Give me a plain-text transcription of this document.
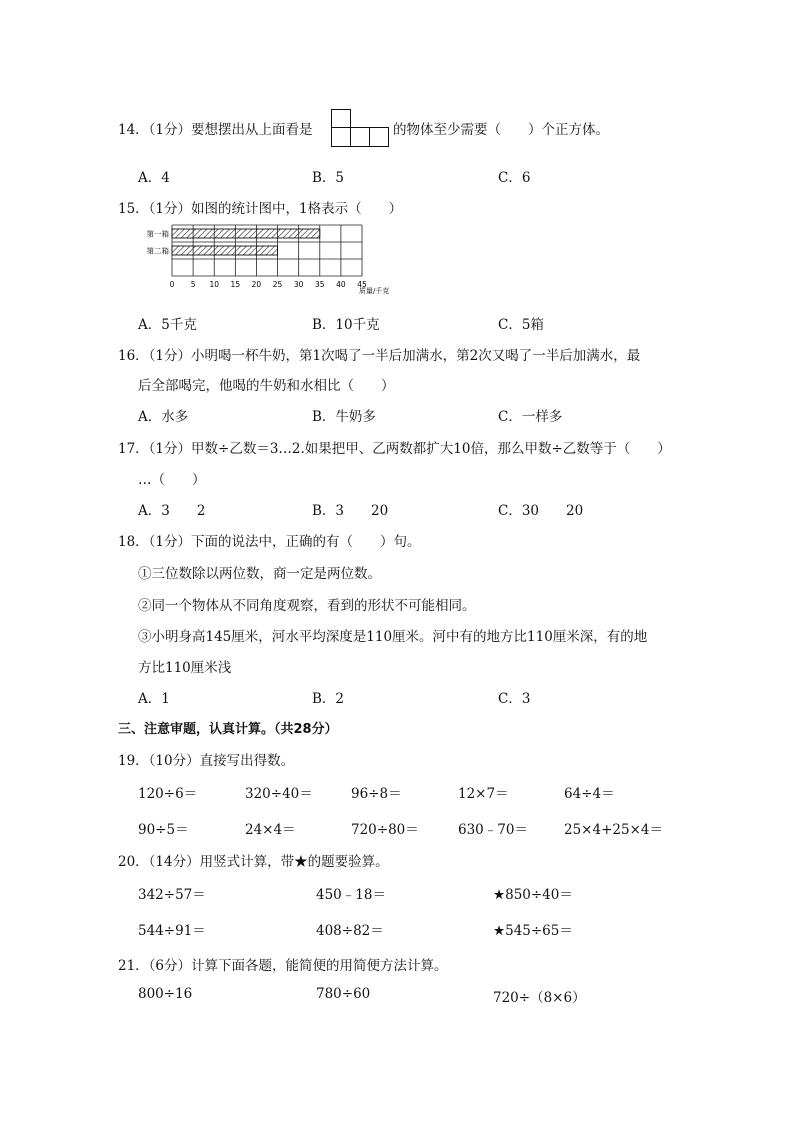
14．（1分）要想摆出从上面看是	的物体至少需要（　　）个正方体。
A．4	B．5	C．6
15．（1分）如图的统计图中，1格表示（　　）
第一箱
第二箱
0 5 10 15 20 25 30 35 40 45
质量/千克
A．5千克	B．10千克	C．5箱
16．（1分）小明喝一杯牛奶，第1次喝了一半后加满水，第2次又喝了一半后加满水，最
后全部喝完，他喝的牛奶和水相比（　　）
A．水多	B．牛奶多	C．一样多
17．（1分）甲数÷乙数＝3…2.如果把甲、乙两数都扩大10倍，那么甲数÷乙数等于（　　）
…（　　）
A．3　　2	B．3　　20	C．30　　20
18．（1分）下面的说法中，正确的有（　　）句。
①三位数除以两位数，商一定是两位数。
②同一个物体从不同角度观察，看到的形状不可能相同。
③小明身高145厘米，河水平均深度是110厘米。河中有的地方比110厘米深，有的地
方比110厘米浅
A．1	B．2	C．3
三、注意审题，认真计算。（共28分）
19．（10分）直接写出得数。
120÷6＝	320÷40＝	96÷8＝	12×7＝	64÷4＝
90÷5＝	24×4＝	720÷80＝	630﹣70＝	25×4+25×4＝
20．（14分）用竖式计算，带★的题要验算。
342÷57＝	450﹣18＝	★850÷40＝
544÷91＝	408÷82＝	★545÷65＝
21．（6分）计算下面各题，能简便的用简便方法计算。
800÷16	780÷60	720÷（8×6）
